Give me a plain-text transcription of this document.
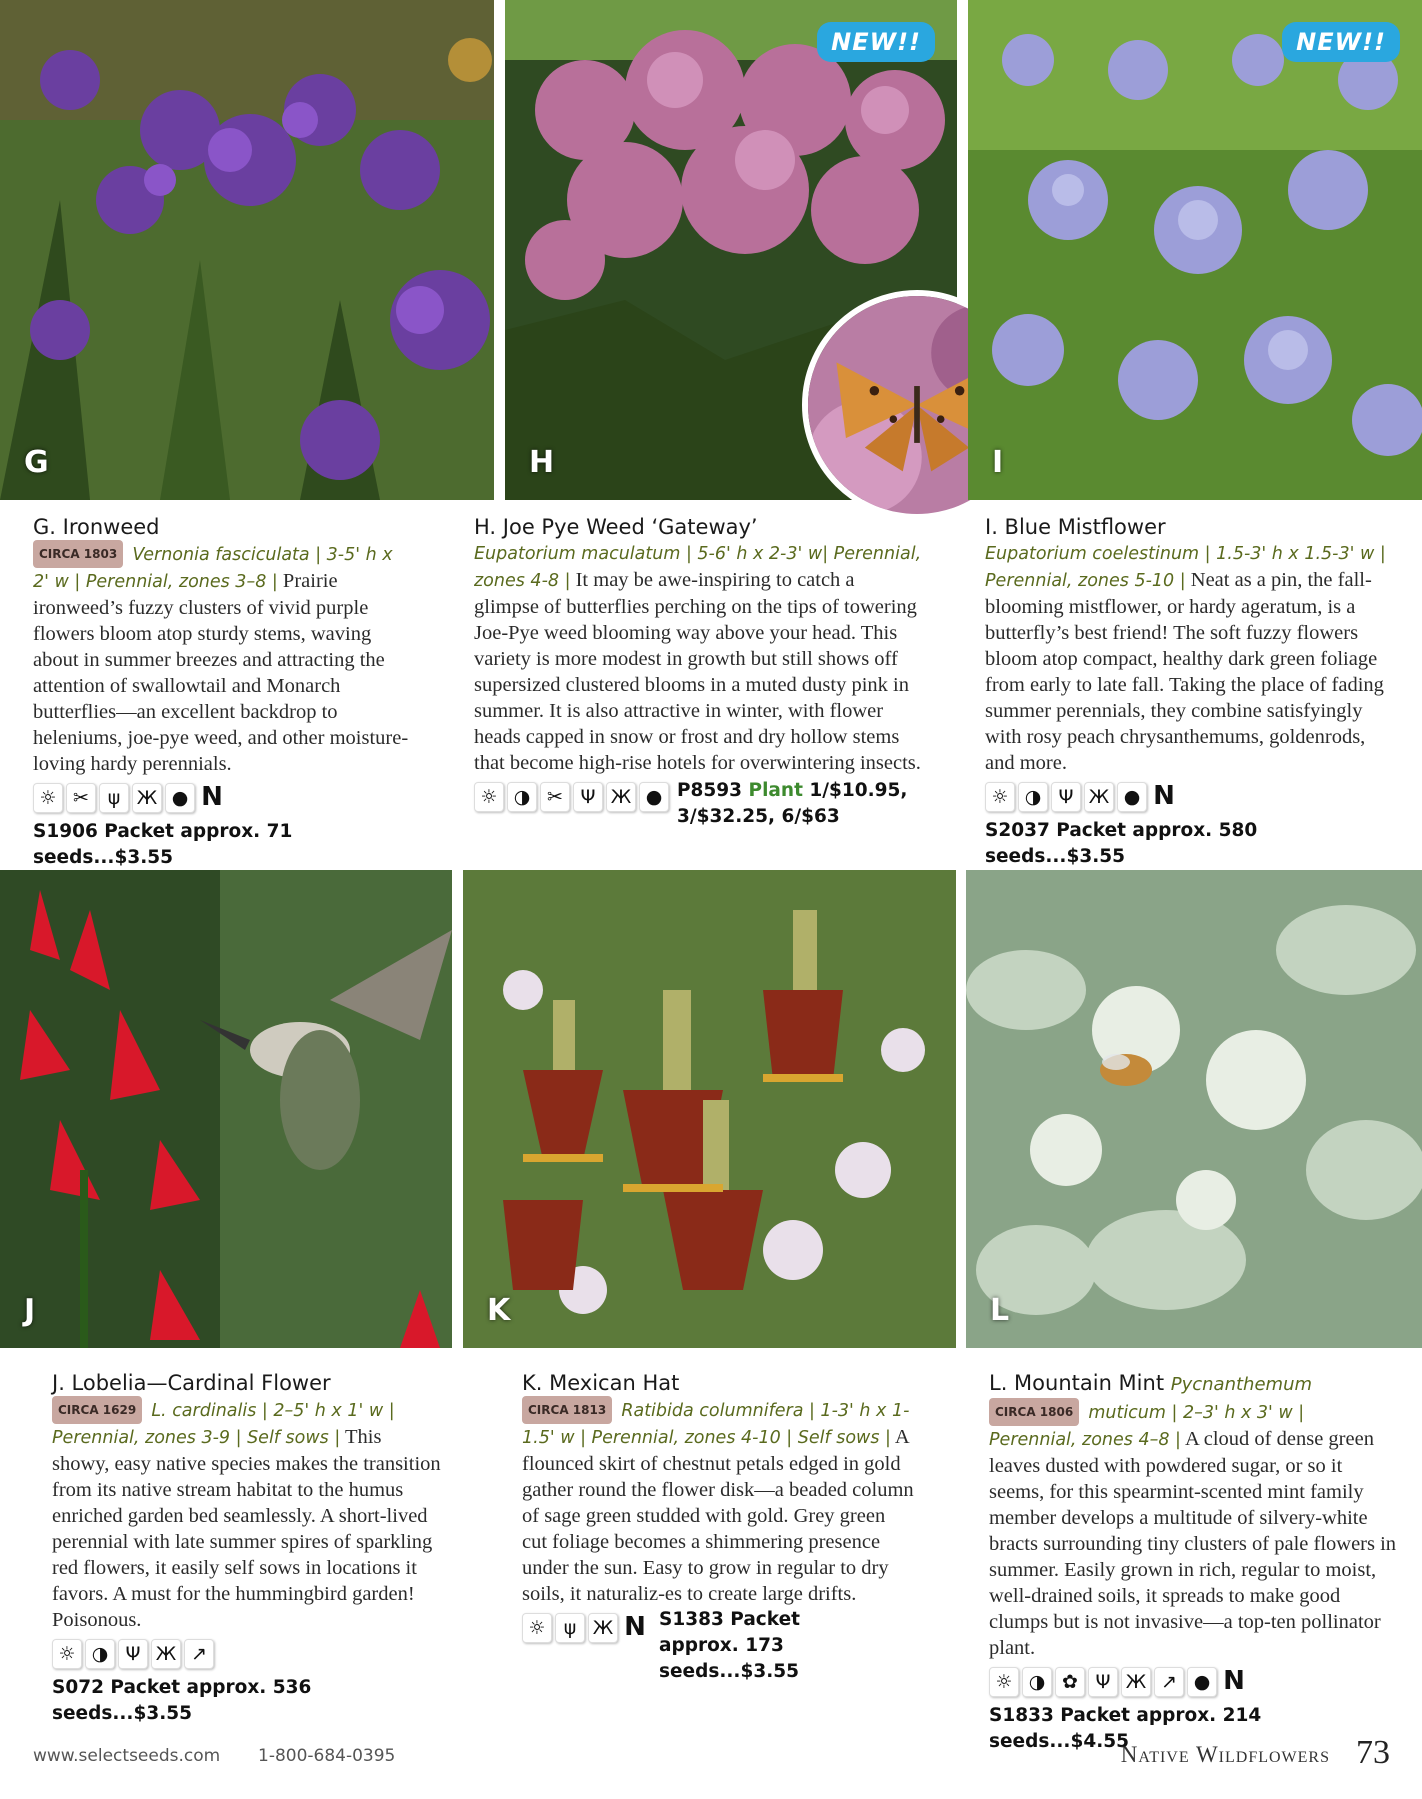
G
NEW!!
H
NEW!!
I
G. Ironweed
CIRCA 1803 Vernonia fasciculata | 3-5' h x 2' w | Perennial, zones 3–8 | Prairie ironweed’s fuzzy clusters of vivid purple flowers bloom atop sturdy stems, waving about in summer breezes and attracting the attention of swallowtail and Monarch butterflies—an excellent backdrop to heleniums, joe-pye weed, and other moisture- loving hardy perennials.
☼ ✂ ψ Ж ● N
S1906 Packet approx. 71 seeds...$3.55
H. Joe Pye Weed ‘Gateway’
Eupatorium maculatum | 5-6' h x 2-3' w| Perennial, zones 4-8 | It may be awe-inspiring to catch a glimpse of butterflies perching on the tips of towering Joe-Pye weed blooming way above your head. This variety is more modest in growth but still shows off supersized clustered blooms in a muted dusty pink in summer. It is also attractive in winter, with flower heads capped in snow or frost and dry hollow stems that become high-rise hotels for overwintering insects.
☼ ◑ ✂ Ψ Ж ● P8593 Plant 1/$10.95, 3/$32.25, 6/$63
I. Blue Mistflower
Eupatorium coelestinum | 1.5-3' h x 1.5-3' w | Perennial, zones 5-10 | Neat as a pin, the fall- blooming mistflower, or hardy ageratum, is a butterfly’s best friend! The soft fuzzy flowers bloom atop compact, healthy dark green foliage from early to late fall. Taking the place of fading summer perennials, they combine satisfyingly with rosy peach chrysanthemums, goldenrods, and more.
☼ ◑ Ψ Ж ● N
S2037 Packet approx. 580 seeds...$3.55
J	K	L
J. Lobelia—Cardinal Flower
CIRCA 1629 L. cardinalis | 2–5' h x 1' w | Perennial, zones 3-9 | Self sows | This showy, easy native species makes the transition from its native stream habitat to the humus enriched garden bed seamlessly. A short-lived perennial with late summer spires of sparkling red flowers, it easily self sows in locations it favors. A must for the hummingbird garden! Poisonous.
☼ ◑ Ψ Ж ↗
S072 Packet approx. 536 seeds...$3.55
K. Mexican Hat
CIRCA 1813 Ratibida columnifera | 1-3' h x 1-1.5' w | Perennial, zones 4-10 | Self sows | A flounced skirt of chestnut petals edged in gold gather round the flower disk—a beaded column of sage green studded with gold. Grey green cut foliage becomes a shimmering presence under the sun. Easy to grow in regular to dry soils, it naturaliz-es to create large drifts.
☼ ψ Ж N S1383 Packet approx. 173 seeds...$3.55
L. Mountain Mint Pycnanthemum
CIRCA 1806 muticum | 2–3' h x 3' w | Perennial, zones 4–8 | A cloud of dense green leaves dusted with powdered sugar, or so it seems, for this spearmint-scented mint family member develops a multitude of silvery-white bracts surrounding tiny clusters of pale flowers in summer. Easily grown in rich, regular to moist, well-drained soils, it spreads to make good clumps but is not invasive—a top-ten pollinator plant.
☼ ◑ ✿ Ψ Ж ↗ ● N
S1833 Packet approx. 214 seeds...$4.55
www.selectseeds.com 1-800-684-0395	Native Wildflowers 73
